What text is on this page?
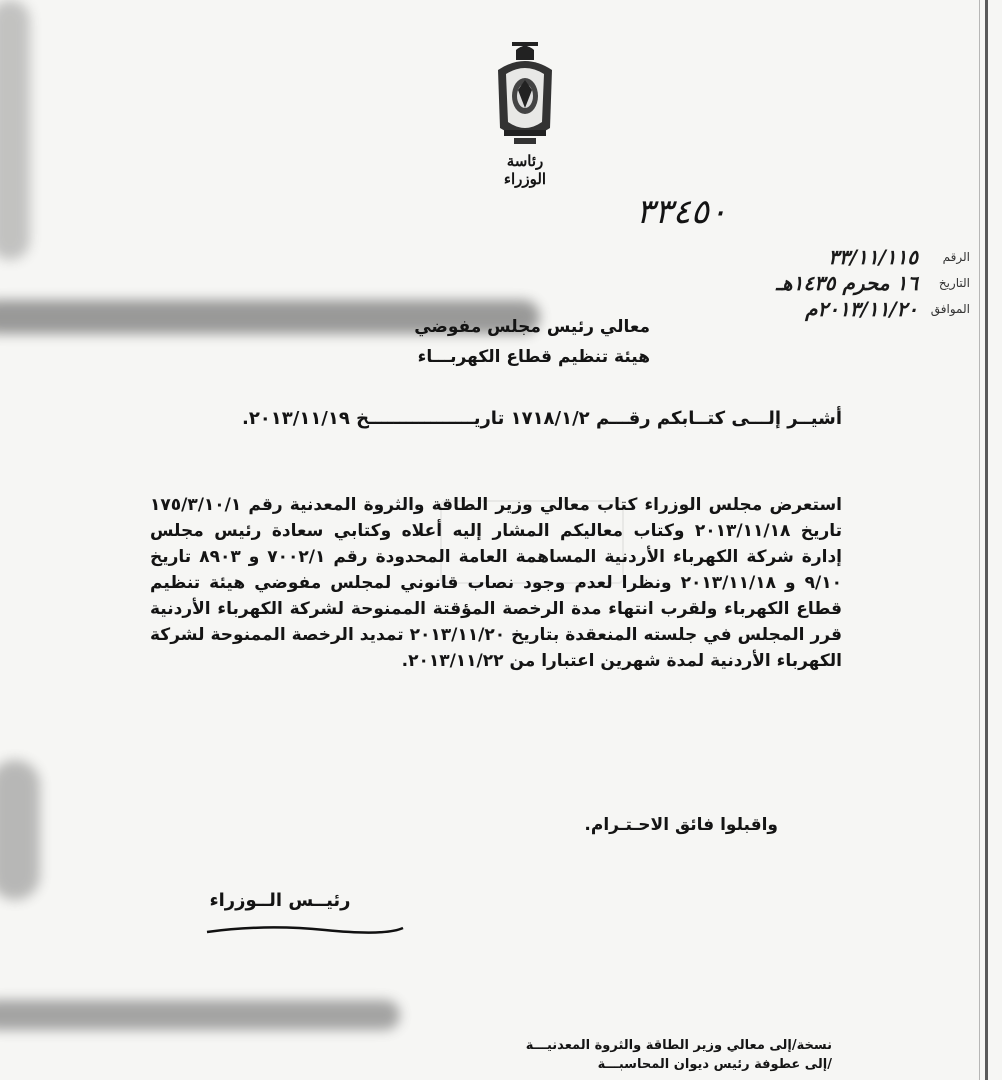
رئاسة الوزراء
٣٣٤٥٠
الرقم
٣٣/١١/١١٥
التاريخ
١٦ محرم ١٤٣٥هـ
الموافق
٢٠١٣/١١/٢٠م
معالي رئيس مجلس مفوضي
هيئة تنظيم قطاع الكهربـــاء
أشيــر إلـــى كتــابكم رقـــم ١٧١٨/١/٢ تاريـــــــــــــــــخ ٢٠١٣/١١/١٩.
استعرض مجلس الوزراء كتاب معالي وزير الطاقة والثروة المعدنية رقم ١٧٥/٣/١٠/١ تاريخ ٢٠١٣/١١/١٨ وكتاب معاليكم المشار إليه أعلاه وكتابي سعادة رئيس مجلس إدارة شركة الكهرباء الأردنية المساهمة العامة المحدودة رقم ٧٠٠٢/١ و ٨٩٠٣ تاريخ ٩/١٠ و ٢٠١٣/١١/١٨ ونظرا لعدم وجود نصاب قانوني لمجلس مفوضي هيئة تنظيم قطاع الكهرباء ولقرب انتهاء مدة الرخصة المؤقتة الممنوحة لشركة الكهرباء الأردنية قرر المجلس في جلسته المنعقدة بتاريخ ٢٠١٣/١١/٢٠ تمديد الرخصة الممنوحة لشركة الكهرباء الأردنية لمدة شهرين اعتبارا من ٢٠١٣/١١/٢٢.
واقبلوا فائق الاحـتـرام.
رئيــس الــوزراء
نسخة/إلى معالي وزير الطاقة والثروة المعدنيـــة
/إلى عطوفة رئيس ديوان المحاسبـــة
